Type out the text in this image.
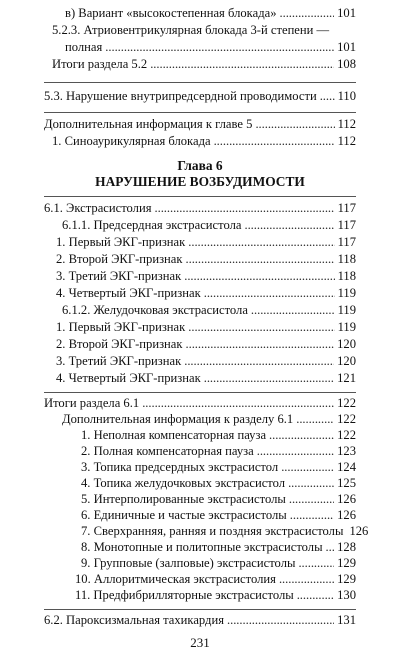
в) Вариант «высокостепенная блокада» . . .	101
5.2.3. Атриовентрикулярная блокада 3-й степени —
полная . . .	101
Итоги раздела 5.2 . . .	108
5.3. Нарушение внутрипредсердной проводимости . . . 110
Дополнительная информация к главе 5 . . .	112
1. Синоаурикулярная блокада . . .	112
Глава 6
НАРУШЕНИЕ ВОЗБУДИМОСТИ
6.1. Экстрасистолия . . .	117
6.1.1. Предсердная экстрасистола . . .	117
1. Первый ЭКГ-признак . . .	117
2. Второй ЭКГ-признак . . .	118
3. Третий ЭКГ-признак . . .	118
4. Четвертый ЭКГ-признак . . .	119
6.1.2. Желудочковая экстрасистола . . .	119
1. Первый ЭКГ-признак . . .	119
2. Второй ЭКГ-признак . . .	120
3. Третий ЭКГ-признак . . .	120
4. Четвертый ЭКГ-признак . . .	121
Итоги раздела 6.1 . . .	122
Дополнительная информация к разделу 6.1 . . .	122
1. Неполная компенсаторная пауза . . .	122
2. Полная компенсаторная пауза . . .	123
3. Топика предсердных экстрасистол . . .	124
4. Топика желудочковых экстрасистол . . .	125
5. Интерполированные экстрасистолы . . .	126
6. Единичные и частые экстрасистолы . . .	126
7. Сверхранняя, ранняя и поздняя экстрасистолы 126
8. Монотопные и политопные экстрасистолы . . . 128
9. Групповые (залповые) экстрасистолы . . .	129
10. Аллоритмическая экстрасистолия . . .	129
11. Предфибрилляторные экстрасистолы . . .	130
6.2. Пароксизмальная тахикардия . . .	131
231
